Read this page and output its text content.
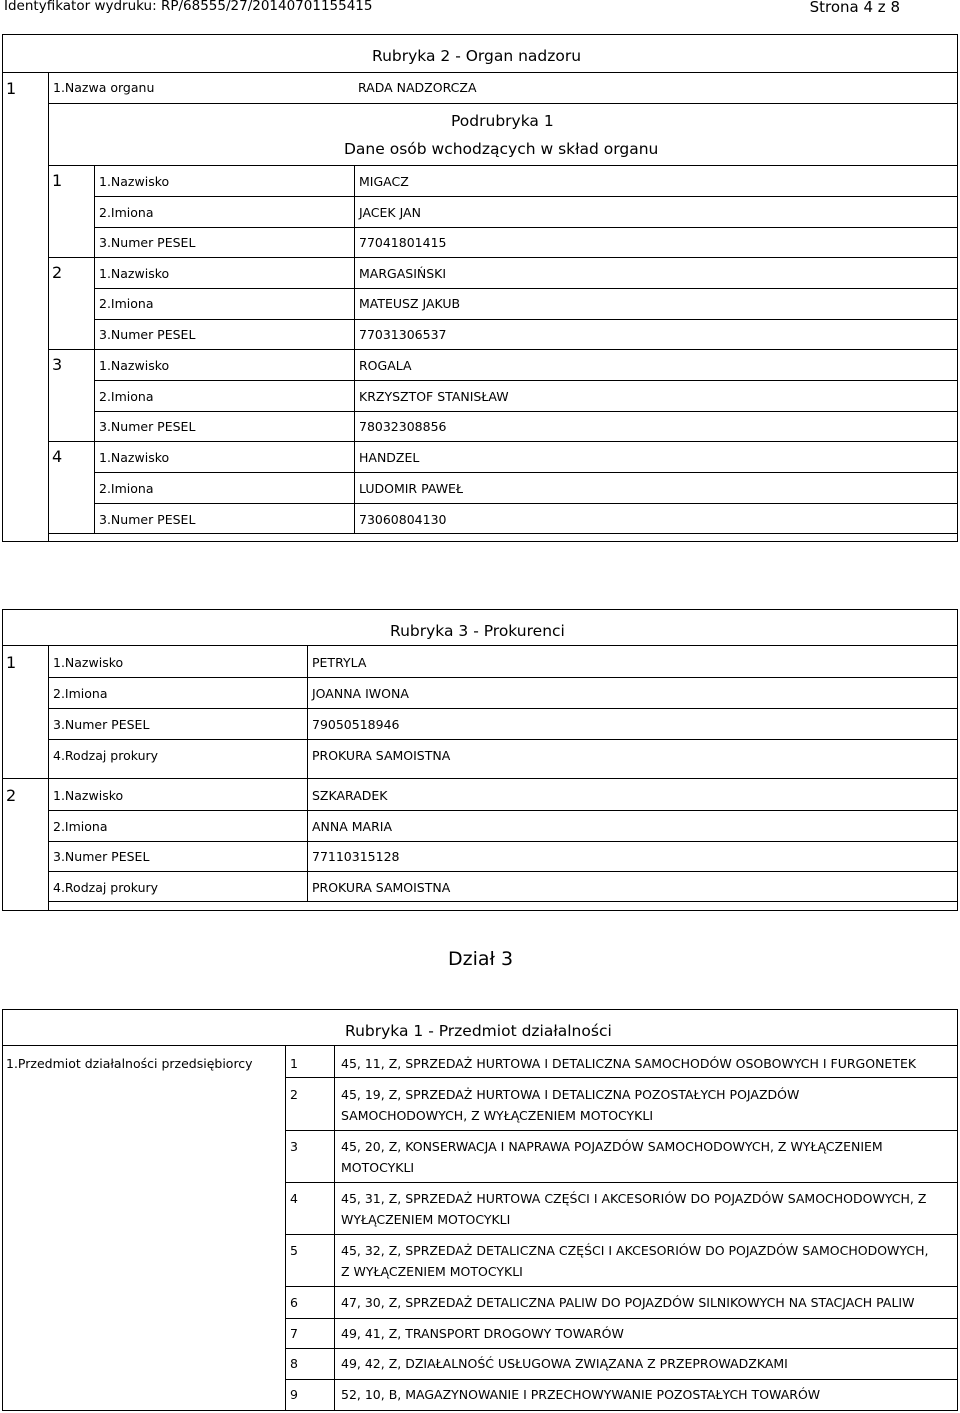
Identyfikator wydruku: RP/68555/27/20140701155415	Strona 4 z 8
Rubryka 2 - Organ nadzoru
1	1.Nazwa organu	RADA NADZORCZA
Podrubryka 1
Dane osób wchodzących w skład organu
1	1.Nazwisko	MIGACZ
2.Imiona	JACEK JAN
3.Numer PESEL	77041801415
2	1.Nazwisko	MARGASIŃSKI
2.Imiona	MATEUSZ JAKUB
3.Numer PESEL	77031306537
3	1.Nazwisko	ROGALA
2.Imiona	KRZYSZTOF STANISŁAW
3.Numer PESEL	78032308856
4	1.Nazwisko	HANDZEL
2.Imiona	LUDOMIR PAWEŁ
3.Numer PESEL	73060804130
Rubryka 3 - Prokurenci
1	1.Nazwisko	PETRYLA
2.Imiona	JOANNA IWONA
3.Numer PESEL	79050518946
4.Rodzaj prokury	PROKURA SAMOISTNA
2	1.Nazwisko	SZKARADEK
2.Imiona	ANNA MARIA
3.Numer PESEL	77110315128
4.Rodzaj prokury	PROKURA SAMOISTNA
Dział 3
Rubryka 1 - Przedmiot działalności
1.Przedmiot działalności przedsiębiorcy	1	45, 11, Z, SPRZEDAŻ HURTOWA I DETALICZNA SAMOCHODÓW OSOBOWYCH I FURGONETEK
2	45, 19, Z, SPRZEDAŻ HURTOWA I DETALICZNA POZOSTAŁYCH POJAZDÓW
SAMOCHODOWYCH, Z WYŁĄCZENIEM MOTOCYKLI
3	45, 20, Z, KONSERWACJA I NAPRAWA POJAZDÓW SAMOCHODOWYCH, Z WYŁĄCZENIEM
MOTOCYKLI
4	45, 31, Z, SPRZEDAŻ HURTOWA CZĘŚCI I AKCESORIÓW DO POJAZDÓW SAMOCHODOWYCH, Z
WYŁĄCZENIEM MOTOCYKLI
5	45, 32, Z, SPRZEDAŻ DETALICZNA CZĘŚCI I AKCESORIÓW DO POJAZDÓW SAMOCHODOWYCH,
Z WYŁĄCZENIEM MOTOCYKLI
6	47, 30, Z, SPRZEDAŻ DETALICZNA PALIW DO POJAZDÓW SILNIKOWYCH NA STACJACH PALIW
7	49, 41, Z, TRANSPORT DROGOWY TOWARÓW
8	49, 42, Z, DZIAŁALNOŚĆ USŁUGOWA ZWIĄZANA Z PRZEPROWADZKAMI
9	52, 10, B, MAGAZYNOWANIE I PRZECHOWYWANIE POZOSTAŁYCH TOWARÓW
